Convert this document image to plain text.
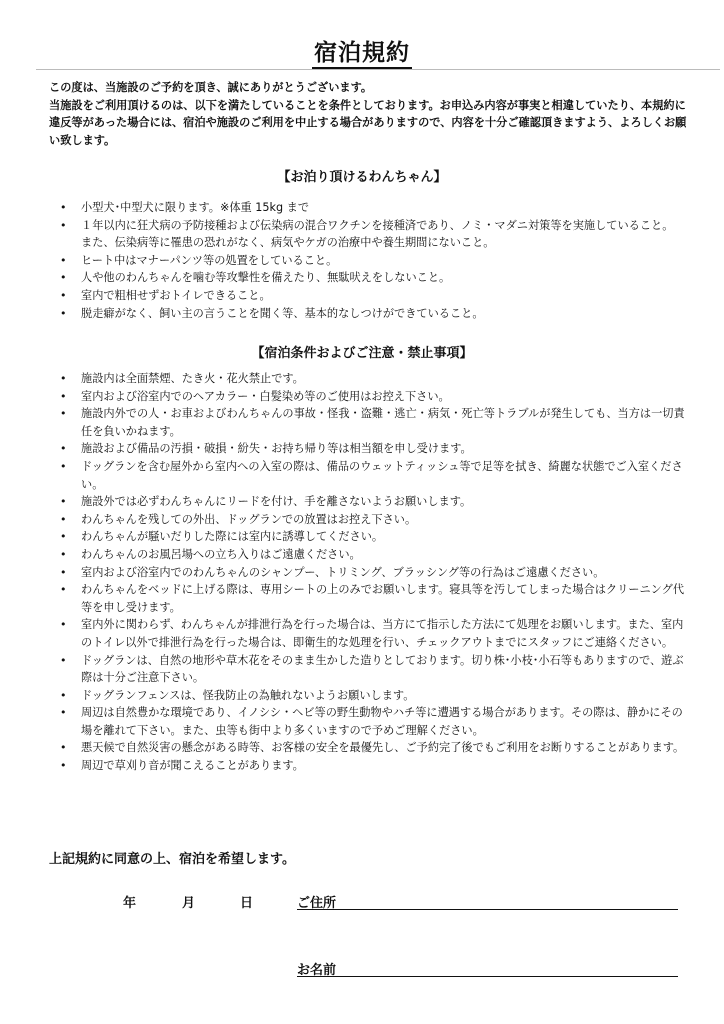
宿泊規約

この度は、当施設のご予約を頂き、誠にありがとうございます。

当施設をご利用頂けるのは、以下を満たしていることを条件としております。お申込み内容が事実と相違していたり、本規約に違反等があった場合には、宿泊や施設のご利用を中止する場合がありますので、内容を十分ご確認頂きますよう、よろしくお願い致します。

【お泊り頂けるわんちゃん】
• 小型犬･中型犬に限ります。※体重 15kg まで
• １年以内に狂犬病の予防接種および伝染病の混合ワクチンを接種済であり、ノミ・マダニ対策等を実施していること。　また、伝染病等に罹患の恐れがなく、病気やケガの治療中や養生期間にないこと。
• ヒート中はマナーパンツ等の処置をしていること。
• 人や他のわんちゃんを噛む等攻撃性を備えたり、無駄吠えをしないこと。
• 室内で粗相せずおトイレできること。
• 脱走癖がなく、飼い主の言うことを聞く等、基本的なしつけができていること。
【宿泊条件およびご注意・禁止事項】
• 施設内は全面禁煙、たき火・花火禁止です。
• 室内および浴室内でのヘアカラー・白髪染め等のご使用はお控え下さい。
• 施設内外での人・お車およびわんちゃんの事故・怪我・盗難・逃亡・病気・死亡等トラブルが発生しても、当方は一切責任を負いかねます。
• 施設および備品の汚損・破損・紛失・お持ち帰り等は相当額を申し受けます。
• ドッグランを含む屋外から室内への入室の際は、備品のウェットティッシュ等で足等を拭き、綺麗な状態でご入室ください。
• 施設外では必ずわんちゃんにリードを付け、手を離さないようお願いします。
• わんちゃんを残しての外出、ドッグランでの放置はお控え下さい。
• わんちゃんが騒いだりした際には室内に誘導してください。
• わんちゃんのお風呂場への立ち入りはご遠慮ください。
• 室内および浴室内でのわんちゃんのシャンプー、トリミング、ブラッシング等の行為はご遠慮ください。
• わんちゃんをベッドに上げる際は、専用シートの上のみでお願いします。寝具等を汚してしまった場合はクリーニング代等を申し受けます。
• 室内外に関わらず、わんちゃんが排泄行為を行った場合は、当方にて指示した方法にて処理をお願いします。また、室内のトイレ以外で排泄行為を行った場合は、即衛生的な処理を行い、チェックアウトまでにスタッフにご連絡ください。
• ドッグランは、自然の地形や草木花をそのまま生かした造りとしております。切り株･小枝･小石等もありますので、遊ぶ際は十分ご注意下さい。
• ドッグランフェンスは、怪我防止の為触れないようお願いします。
• 周辺は自然豊かな環境であり、イノシシ・ヘビ等の野生動物やハチ等に遭遇する場合があります。その際は、静かにその場を離れて下さい。また、虫等も街中より多くいますので予めご理解ください。
• 悪天候で自然災害の懸念がある時等、お客様の安全を最優先し、ご予約完了後でもご利用をお断りすることがあります。
• 周辺で草刈り音が聞こえることがあります。
上記規約に同意の上、宿泊を希望します。
年	月	日	ご住所
お名前
